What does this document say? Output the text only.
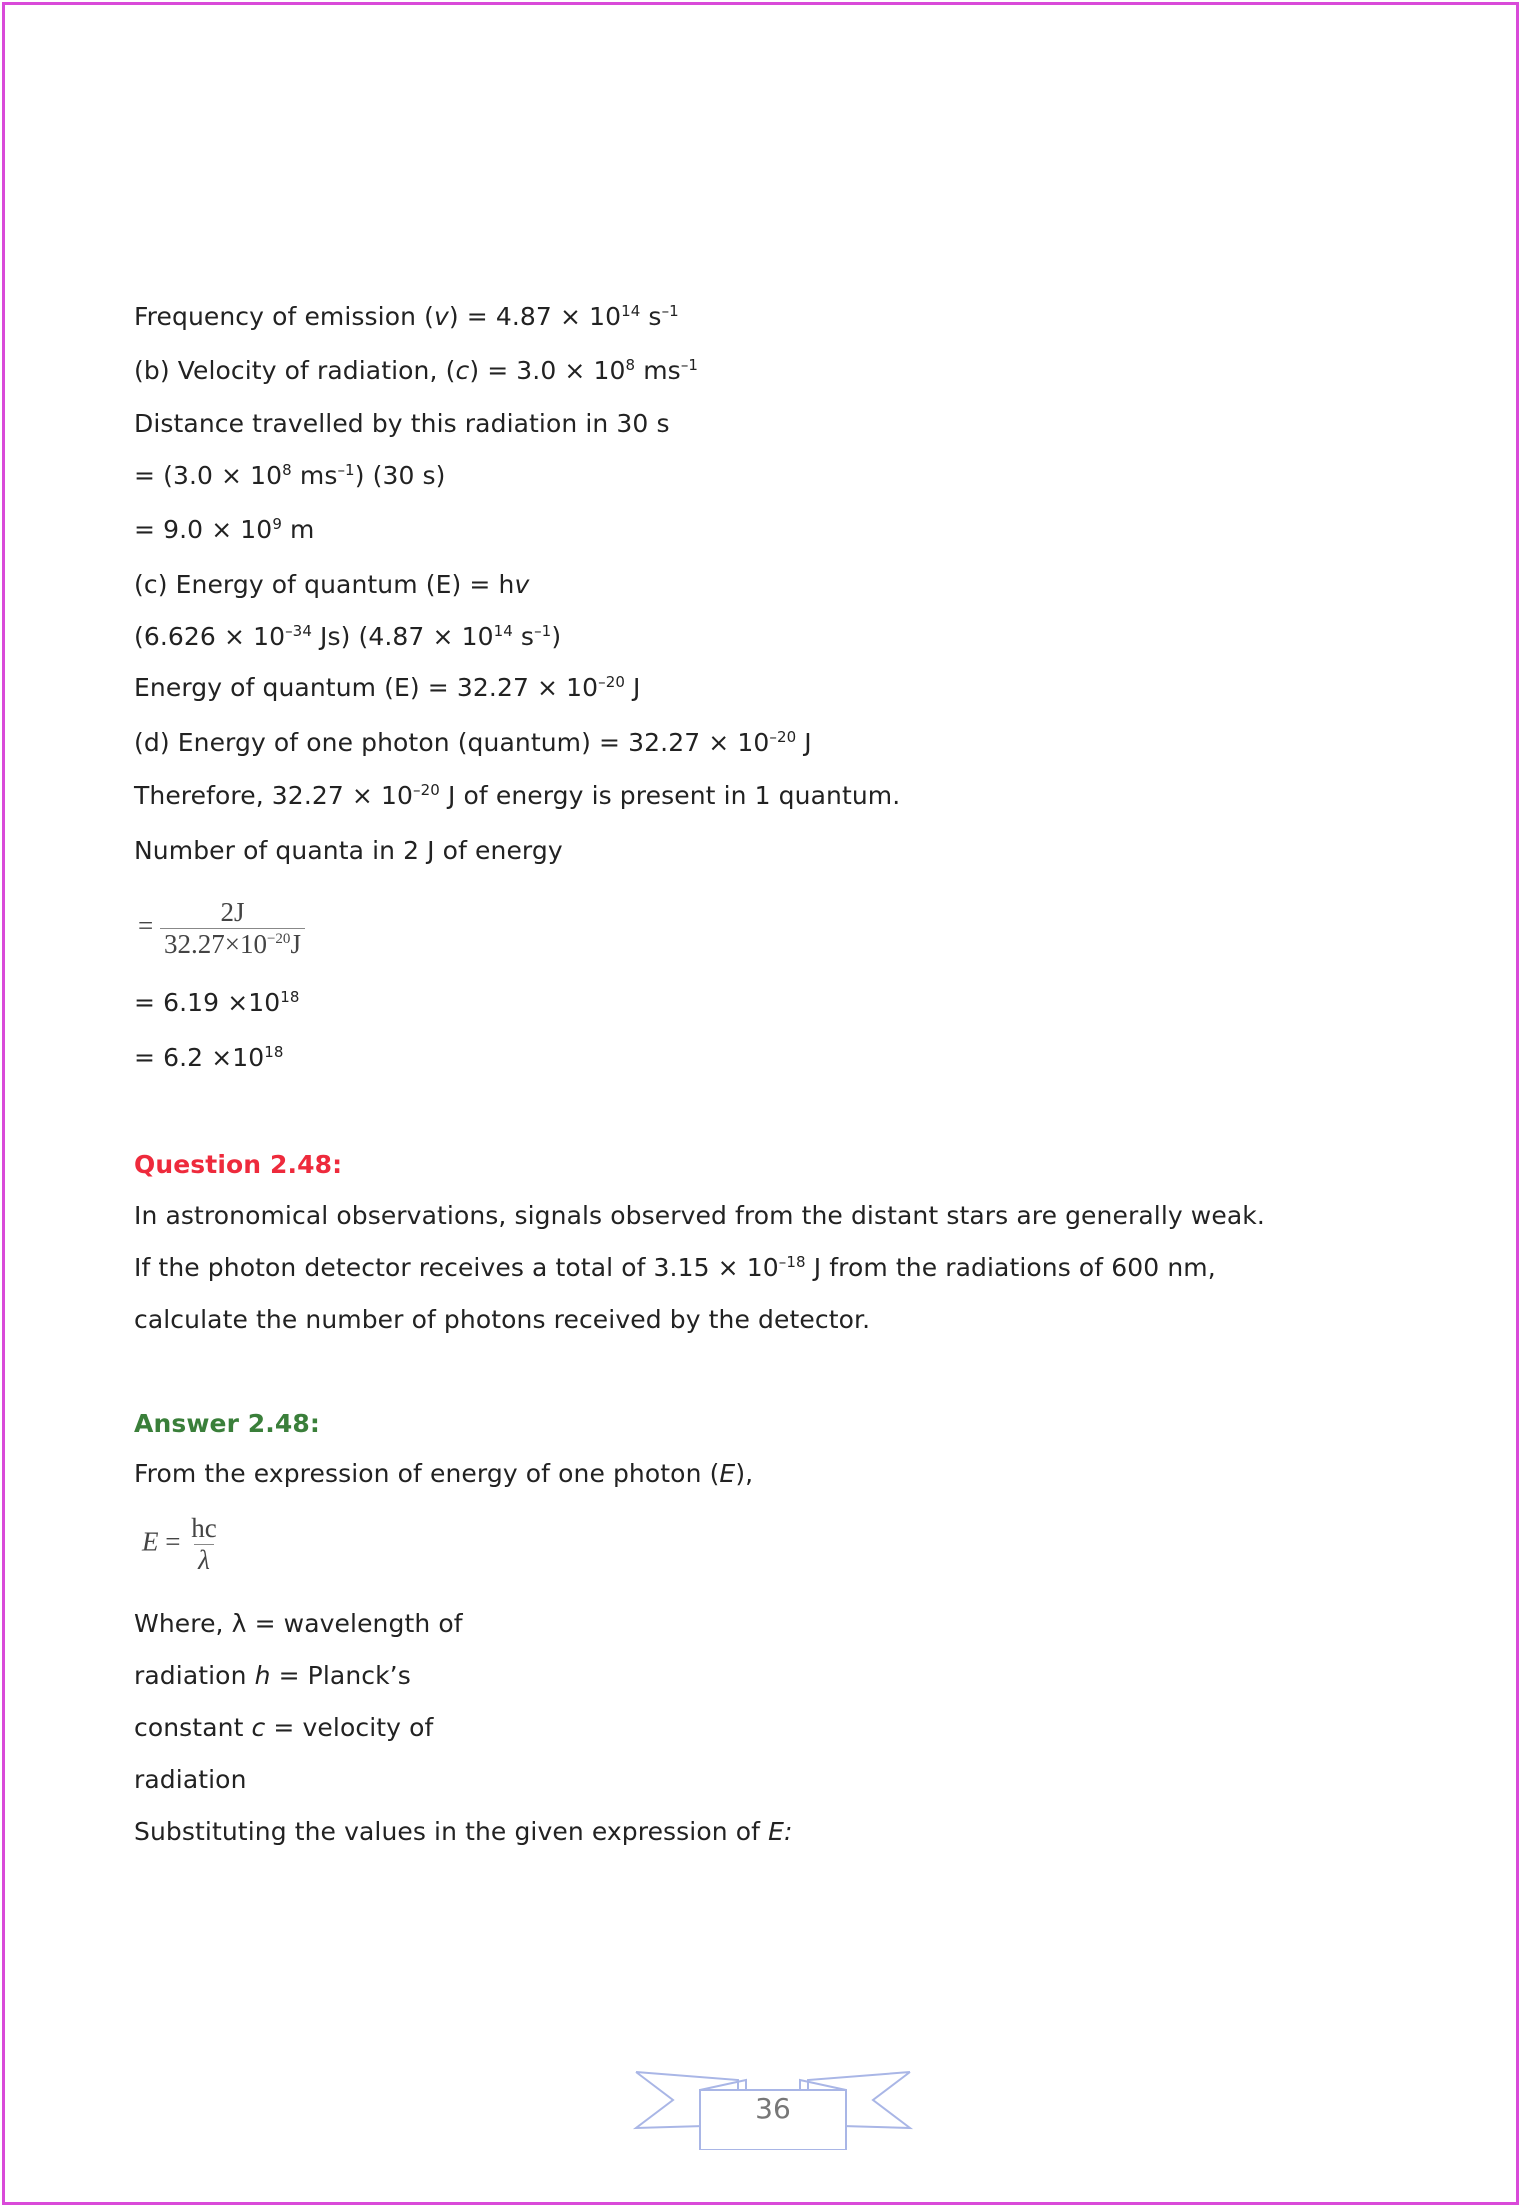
Question 2.48:
Answer 2.48:
= $\frac{2J}{32.27\times 10^{-20}J}$
$E = \frac{hc}{\lambda}$
Frequency of emission $(v) = 4.87 \times 10^{14}$ $s^{-1}$
(b) Velocity of radiation, $(c) = 3.0 \times 10^8$ $ms^{-1}$
Distance travelled by this radiation in 30 s
= ($3.0 \times 10^8$ $ms^{-1}$) (30 s)
= $9.0 \times 10^9$ m
(c) Energy of quantum (E) = hv
($6.626 \times 10^{-34}$ Js) ($4.87 \times 10^{14}$ $s^{-1}$)
Energy of quantum $(E) = 32.27 \times 10^{-20}$ J
(d) Energy of one photon (quantum) = $32.27 \times 10^{-20}$ J
Therefore, $32.27 \times 10^{-20}$ J of energy is present in 1 quantum.
Number of quanta in 2 J of energy
= $6.19 \times 10^{18}$
= $6.2 \times 10^{18}$
In astronomical observations, signals observed from the distant stars are generally weak.
If the photon detector receives a total of $3.15 \times 10^{-18}$ J from the radiations of 600 nm,
calculate the number of photons received by the detector.
From the expression of energy of one photon (E),
Where, λ = wavelength of
radiation h = Planck’s
constant c = velocity of
radiation
Substituting the values in the given expression of E:
36
